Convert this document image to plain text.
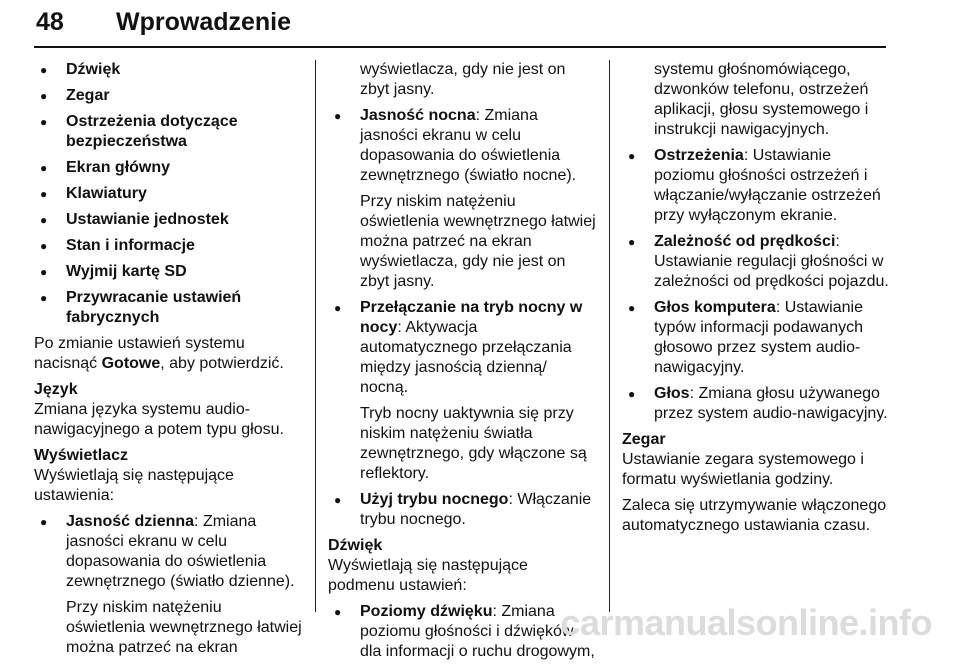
48 Wprowadzenie
● Dźwięk
● Zegar
● Ostrzeżenia dotyczące bezpieczeństwa
● Ekran główny
● Klawiatury
● Ustawianie jednostek
● Stan i informacje
● Wyjmij kartę SD
● Przywracanie ustawień fabrycznych

Po zmianie ustawień systemu nacisnąć Gotowe, aby potwierdzić.

Język

Zmiana języka systemu audio-nawigacyjnego a potem typu głosu.

Wyświetlacz

Wyświetlają się następujące ustawienia:

● Jasność dzienna: Zmiana jasności ekranu w celu dopasowania do oświetlenia zewnętrznego (światło dzienne).
Przy niskim natężeniu oświetlenia wewnętrznego łatwiej można patrzeć na ekran
wyświetlacza, gdy nie jest on zbyt jasny.
● Jasność nocna: Zmiana jasności ekranu w celu dopasowania do oświetlenia zewnętrznego (światło nocne).
Przy niskim natężeniu oświetlenia wewnętrznego łatwiej można patrzeć na ekran wyświetlacza, gdy nie jest on zbyt jasny.
● Przełączanie na tryb nocny w nocy: Aktywacja automatycznego przełączania między jasnością dzienną/ nocną.
Tryb nocny uaktywnia się przy niskim natężeniu światła zewnętrznego, gdy włączone są reflektory.
● Użyj trybu nocnego: Włączanie trybu nocnego.
Dźwięk

Wyświetlają się następujące podmenu ustawień:

● Poziomy dźwięku: Zmiana poziomu głośności i dźwięków dla informacji o ruchu drogowym,
systemu głośnomówiącego, dzwonków telefonu, ostrzeżeń aplikacji, głosu systemowego i instrukcji nawigacyjnych.
● Ostrzeżenia: Ustawianie poziomu głośności ostrzeżeń i włączanie/wyłączanie ostrzeżeń przy wyłączonym ekranie.
● Zależność od prędkości: Ustawianie regulacji głośności w zależności od prędkości pojazdu.
● Głos komputera: Ustawianie typów informacji podawanych głosowo przez system audio-nawigacyjny.
● Głos: Zmiana głosu używanego przez system audio-nawigacyjny.
Zegar

Ustawianie zegara systemowego i formatu wyświetlania godziny.

Zaleca się utrzymywanie włączonego automatycznego ustawiania czasu.

carmanualsonline.info
